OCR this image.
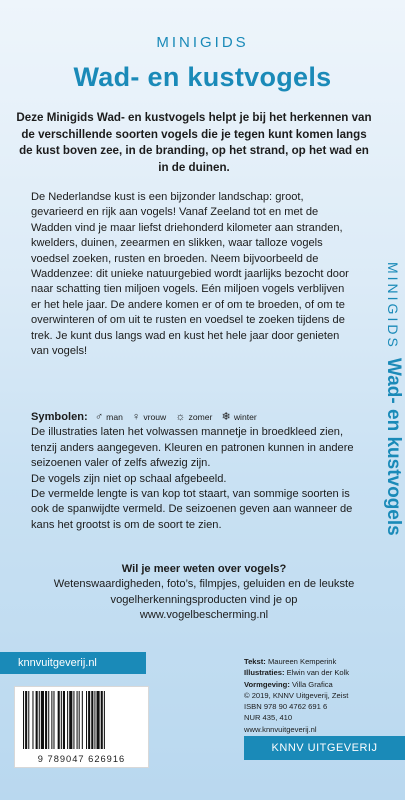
MINIGIDS
Wad- en kustvogels
Deze Minigids Wad- en kustvogels helpt je bij het herkennen van de verschillende soorten vogels die je tegen kunt komen langs de kust boven zee, in de branding, op het strand, op het wad en in de duinen.

De Nederlandse kust is een bijzonder landschap: groot, gevarieerd en rijk aan vogels! Vanaf Zeeland tot en met de Wadden vind je maar liefst driehonderd kilometer aan stranden, kwelders, duinen, zeearmen en slikken, waar talloze vogels voedsel zoeken, rusten en broeden. Neem bijvoorbeeld de Waddenzee: dit unieke natuurgebied wordt jaarlijks bezocht door naar schatting tien miljoen vogels. Eén miljoen vogels verblijven er het hele jaar. De andere komen er of om te broeden, of om te overwinteren of om uit te rusten en voedsel te zoeken tijdens de trek. Je kunt dus langs wad en kust het hele jaar door genieten van vogels!

Symbolen: ♂ man ♀ vrouw ☼ zomer ❄ winter

De illustraties laten het volwassen mannetje in broedkleed zien, tenzij anders aangegeven. Kleuren en patronen kunnen in andere seizoenen valer of zelfs afwezig zijn.

De vogels zijn niet op schaal afgebeeld.

De vermelde lengte is van kop tot staart, van sommige soorten is ook de spanwijdte vermeld. De seizoenen geven aan wanneer de kans het grootst is om de soort te zien.

Wil je meer weten over vogels?
Wetenswaardigheden, foto’s, filmpjes, geluiden en de leukste vogelherkenningsproducten vind je op
www.vogelbescherming.nl
MINIGIDS
Wad- en kustvogels
knnvuitgeverij.nl
9 789047 626916
Tekst: Maureen Kemperink
Illustraties: Elwin van der Kolk
Vormgeving: Villa Grafica
© 2019, KNNV Uitgeverij, Zeist
ISBN 978 90 4762 691 6
NUR 435, 410
www.knnvuitgeverij.nl
KNNV UITGEVERIJ
